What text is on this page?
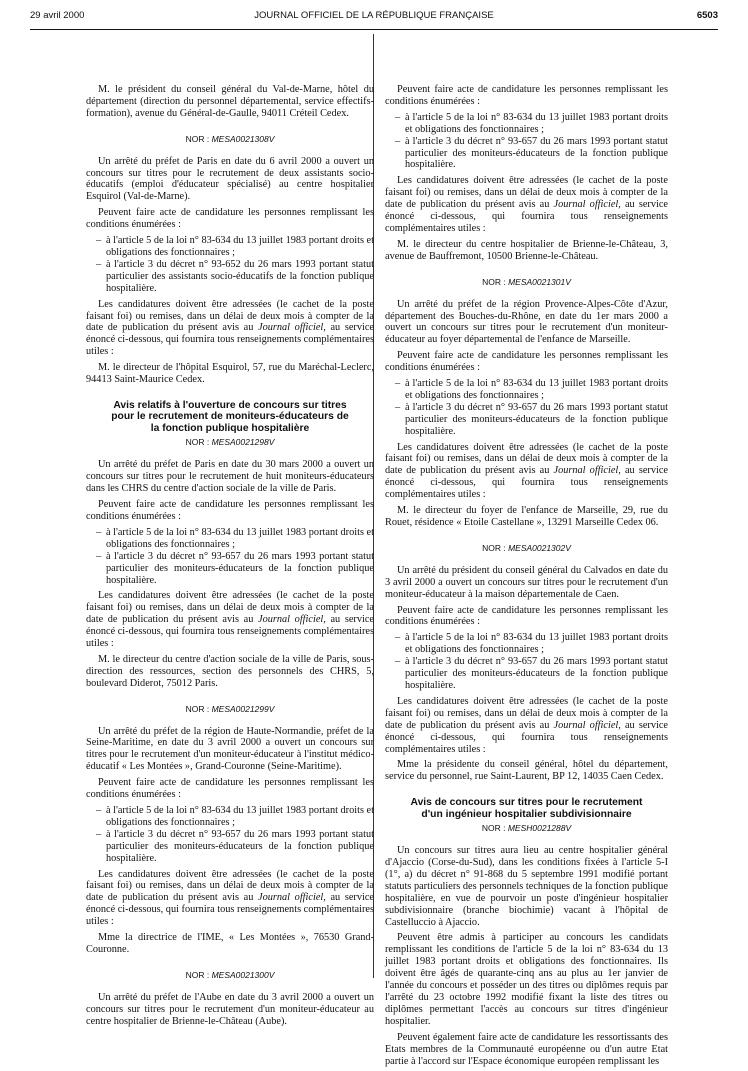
29 avril 2000	JOURNAL OFFICIEL DE LA RÉPUBLIQUE FRANÇAISE	6503

M. le président du conseil général du Val-de-Marne, hôtel du département (direction du personnel départemental, service effectifs-formation), avenue du Général-de-Gaulle, 94011 Créteil Cedex.

NOR : MESA0021308V

Un arrêté du préfet de Paris en date du 6 avril 2000 a ouvert un concours sur titres pour le recrutement de deux assistants socio-éducatifs (emploi d'éducateur spécialisé) au centre hospitalier Esquirol (Val-de-Marne).

Peuvent faire acte de candidature les personnes remplissant les conditions énumérées :

– à l'article 5 de la loi n° 83-634 du 13 juillet 1983 portant droits et obligations des fonctionnaires ;
– à l'article 3 du décret n° 93-652 du 26 mars 1993 portant statut particulier des assistants socio-éducatifs de la fonction publique hospitalière.

Les candidatures doivent être adressées (le cachet de la poste faisant foi) ou remises, dans un délai de deux mois à compter de la date de publication du présent avis au Journal officiel, au service énoncé ci-dessous, qui fournira tous renseignements complémentaires utiles :

M. le directeur de l'hôpital Esquirol, 57, rue du Maréchal-Leclerc, 94413 Saint-Maurice Cedex.

Avis relatifs à l'ouverture de concours sur titres
pour le recrutement de moniteurs-éducateurs de
la fonction publique hospitalière
NOR : MESA0021298V

Un arrêté du préfet de Paris en date du 30 mars 2000 a ouvert un concours sur titres pour le recrutement de huit moniteurs-éducateurs dans les CHRS du centre d'action sociale de la ville de Paris.

Peuvent faire acte de candidature les personnes remplissant les conditions énumérées :

– à l'article 5 de la loi n° 83-634 du 13 juillet 1983 portant droits et obligations des fonctionnaires ;
– à l'article 3 du décret n° 93-657 du 26 mars 1993 portant statut particulier des moniteurs-éducateurs de la fonction publique hospitalière.

Les candidatures doivent être adressées (le cachet de la poste faisant foi) ou remises, dans un délai de deux mois à compter de la date de publication du présent avis au Journal officiel, au service énoncé ci-dessous, qui fournira tous renseignements complémentaires utiles :

M. le directeur du centre d'action sociale de la ville de Paris, sous-direction des ressources, section des personnels des CHRS, 5, boulevard Diderot, 75012 Paris.

NOR : MESA0021299V

Un arrêté du préfet de la région de Haute-Normandie, préfet de la Seine-Maritime, en date du 3 avril 2000 a ouvert un concours sur titres pour le recrutement d'un moniteur-éducateur à l'institut médico-éducatif « Les Montées », Grand-Couronne (Seine-Maritime).

Peuvent faire acte de candidature les personnes remplissant les conditions énumérées :

– à l'article 5 de la loi n° 83-634 du 13 juillet 1983 portant droits et obligations des fonctionnaires ;
– à l'article 3 du décret n° 93-657 du 26 mars 1993 portant statut particulier des moniteurs-éducateurs de la fonction publique hospitalière.

Les candidatures doivent être adressées (le cachet de la poste faisant foi) ou remises, dans un délai de deux mois à compter de la date de publication du présent avis au Journal officiel, au service énoncé ci-dessous, qui fournira tous renseignements complémentaires utiles :

Mme la directrice de l'IME, « Les Montées », 76530 Grand-Couronne.

NOR : MESA0021300V

Un arrêté du préfet de l'Aube en date du 3 avril 2000 a ouvert un concours sur titres pour le recrutement d'un moniteur-éducateur au centre hospitalier de Brienne-le-Château (Aube).

Peuvent faire acte de candidature les personnes remplissant les conditions énumérées :

– à l'article 5 de la loi n° 83-634 du 13 juillet 1983 portant droits et obligations des fonctionnaires ;
– à l'article 3 du décret n° 93-657 du 26 mars 1993 portant statut particulier des moniteurs-éducateurs de la fonction publique hospitalière.

Les candidatures doivent être adressées (le cachet de la poste faisant foi) ou remises, dans un délai de deux mois à compter de la date de publication du présent avis au Journal officiel, au service énoncé ci-dessous, qui fournira tous renseignements complémentaires utiles :

M. le directeur du centre hospitalier de Brienne-le-Château, 3, avenue de Bauffremont, 10500 Brienne-le-Château.

NOR : MESA0021301V

Un arrêté du préfet de la région Provence-Alpes-Côte d'Azur, département des Bouches-du-Rhône, en date du 1er mars 2000 a ouvert un concours sur titres pour le recrutement d'un moniteur-éducateur au foyer départemental de l'enfance de Marseille.

Peuvent faire acte de candidature les personnes remplissant les conditions énumérées :

– à l'article 5 de la loi n° 83-634 du 13 juillet 1983 portant droits et obligations des fonctionnaires ;
– à l'article 3 du décret n° 93-657 du 26 mars 1993 portant statut particulier des moniteurs-éducateurs de la fonction publique hospitalière.

Les candidatures doivent être adressées (le cachet de la poste faisant foi) ou remises, dans un délai de deux mois à compter de la date de publication du présent avis au Journal officiel, au service énoncé ci-dessous, qui fournira tous renseignements complémentaires utiles :

M. le directeur du foyer de l'enfance de Marseille, 29, rue du Rouet, résidence « Etoile Castellane », 13291 Marseille Cedex 06.

NOR : MESA0021302V

Un arrêté du président du conseil général du Calvados en date du 3 avril 2000 a ouvert un concours sur titres pour le recrutement d'un moniteur-éducateur à la maison départementale de Caen.

Peuvent faire acte de candidature les personnes remplissant les conditions énumérées :

– à l'article 5 de la loi n° 83-634 du 13 juillet 1983 portant droits et obligations des fonctionnaires ;
– à l'article 3 du décret n° 93-657 du 26 mars 1993 portant statut particulier des moniteurs-éducateurs de la fonction publique hospitalière.

Les candidatures doivent être adressées (le cachet de la poste faisant foi) ou remises, dans un délai de deux mois à compter de la date de publication du présent avis au Journal officiel, au service énoncé ci-dessous, qui fournira tous renseignements complémentaires utiles :

Mme la présidente du conseil général, hôtel du département, service du personnel, rue Saint-Laurent, BP 12, 14035 Caen Cedex.

Avis de concours sur titres pour le recrutement
d'un ingénieur hospitalier subdivisionnaire
NOR : MESH0021288V

Un concours sur titres aura lieu au centre hospitalier général d'Ajaccio (Corse-du-Sud), dans les conditions fixées à l'article 5-I (1°, a) du décret n° 91-868 du 5 septembre 1991 modifié portant statuts particuliers des personnels techniques de la fonction publique hospitalière, en vue de pourvoir un poste d'ingénieur hospitalier subdivisionnaire (branche biochimie) vacant à l'hôpital de Castelluccio à Ajaccio.

Peuvent être admis à participer au concours les candidats remplissant les conditions de l'article 5 de la loi n° 83-634 du 13 juillet 1983 portant droits et obligations des fonctionnaires. Ils doivent être âgés de quarante-cinq ans au plus au 1er janvier de l'année du concours et posséder un des titres ou diplômes requis par l'arrêté du 23 octobre 1992 modifié fixant la liste des titres ou diplômes permettant l'accès au concours sur titres d'ingénieur hospitalier.

Peuvent également faire acte de candidature les ressortissants des Etats membres de la Communauté européenne ou d'un autre Etat partie à l'accord sur l'Espace économique européen remplissant les
